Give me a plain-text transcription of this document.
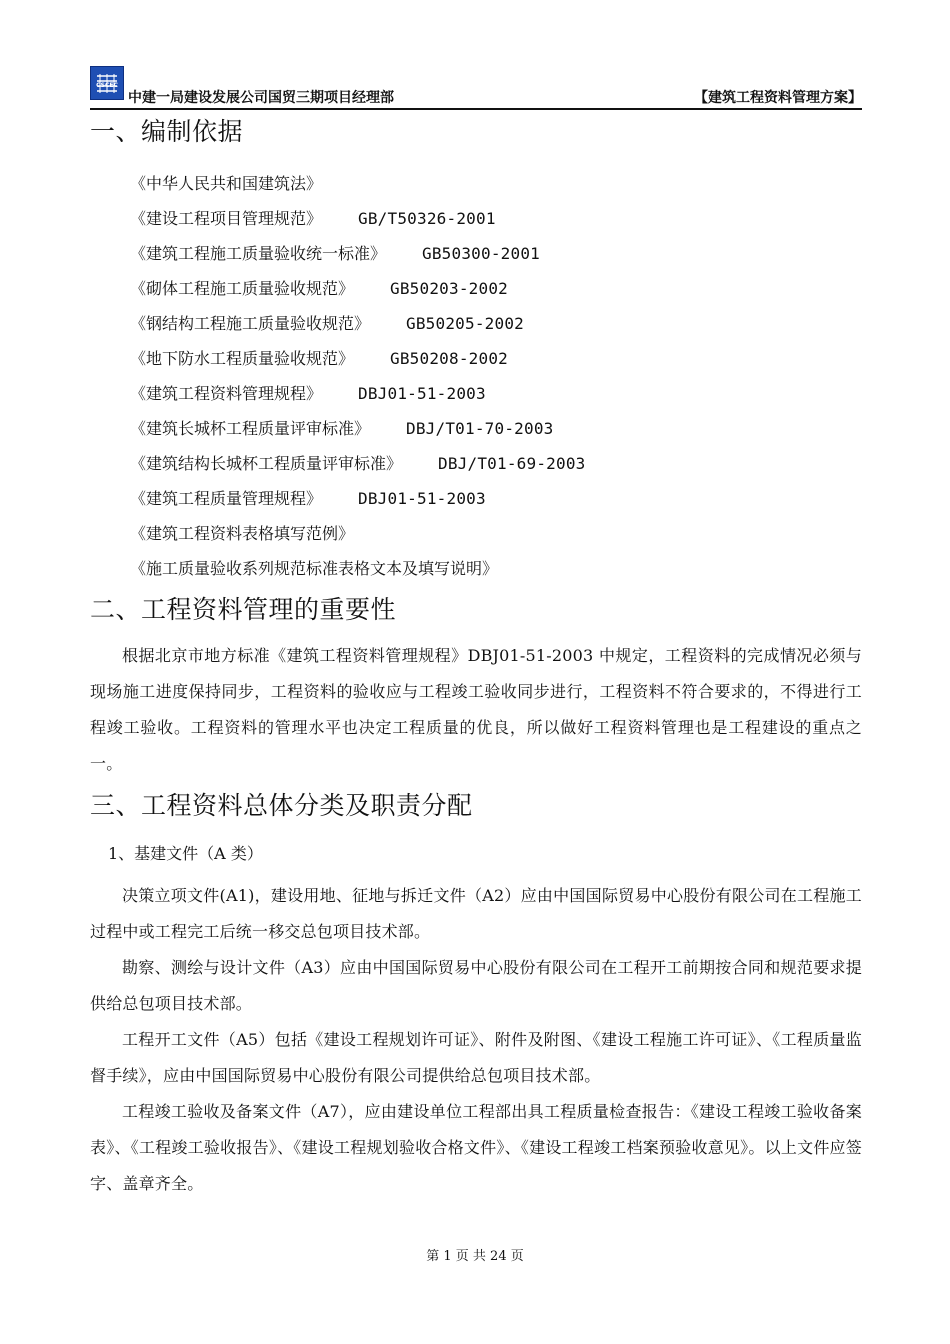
CSCEC
中建一局建设发展公司国贸三期项目经理部	【建筑工程资料管理方案】
一、编制依据
《中华人民共和国建筑法》
《建设工程项目管理规范》 GB/T50326-2001
《建筑工程施工质量验收统一标准》 GB50300-2001
《砌体工程施工质量验收规范》 GB50203-2002
《钢结构工程施工质量验收规范》 GB50205-2002
《地下防水工程质量验收规范》 GB50208-2002
《建筑工程资料管理规程》 DBJ01-51-2003
《建筑长城杯工程质量评审标准》 DBJ/T01-70-2003
《建筑结构长城杯工程质量评审标准》 DBJ/T01-69-2003
《建筑工程质量管理规程》 DBJ01-51-2003
《建筑工程资料表格填写范例》
《施工质量验收系列规范标准表格文本及填写说明》
二、工程资料管理的重要性

根据北京市地方标准《建筑工程资料管理规程》DBJ01-51-2003 中规定，工程资料的完成情况必须与现场施工进度保持同步，工程资料的验收应与工程竣工验收同步进行，工程资料不符合要求的，不得进行工程竣工验收。工程资料的管理水平也决定工程质量的优良，所以做好工程资料管理也是工程建设的重点之一。

三、工程资料总体分类及职责分配
1、基建文件（A 类）

决策立项文件(A1)，建设用地、征地与拆迁文件（A2）应由中国国际贸易中心股份有限公司在工程施工过程中或工程完工后统一移交总包项目技术部。

勘察、测绘与设计文件（A3）应由中国国际贸易中心股份有限公司在工程开工前期按合同和规范要求提供给总包项目技术部。

工程开工文件（A5）包括《建设工程规划许可证》、附件及附图、《建设工程施工许可证》、《工程质量监督手续》，应由中国国际贸易中心股份有限公司提供给总包项目技术部。

工程竣工验收及备案文件（A7），应由建设单位工程部出具工程质量检查报告：《建设工程竣工验收备案表》、《工程竣工验收报告》、《建设工程规划验收合格文件》、《建设工程竣工档案预验收意见》。以上文件应签字、盖章齐全。

第 1 页 共 24 页
